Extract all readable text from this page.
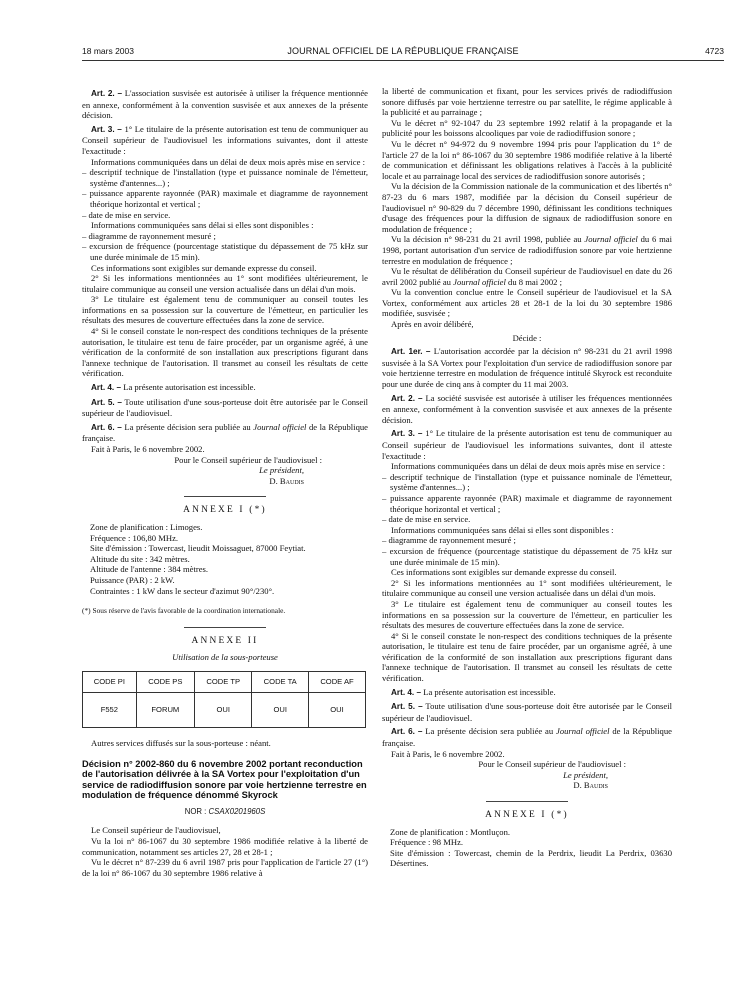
18 mars 2003	JOURNAL OFFICIEL DE LA RÉPUBLIQUE FRANÇAISE	4723

Art. 2. – L'association susvisée est autorisée à utiliser la fréquence mentionnée en annexe, conformément à la convention susvisée et aux annexes de la présente décision.

Art. 3. – 1° Le titulaire de la présente autorisation est tenu de communiquer au Conseil supérieur de l'audiovisuel les informations suivantes, dont il atteste l'exactitude :

Informations communiquées dans un délai de deux mois après mise en service :

– descriptif technique de l'installation (type et puissance nominale de l'émetteur, système d'antennes...) ;

– puissance apparente rayonnée (PAR) maximale et diagramme de rayonnement théorique horizontal et vertical ;

– date de mise en service.

Informations communiquées sans délai si elles sont disponibles :

– diagramme de rayonnement mesuré ;

– excursion de fréquence (pourcentage statistique du dépassement de 75 kHz sur une durée minimale de 15 min).

Ces informations sont exigibles sur demande expresse du conseil.

2° Si les informations mentionnées au 1° sont modifiées ultérieurement, le titulaire communique au conseil une version actualisée dans un délai d'un mois.

3° Le titulaire est également tenu de communiquer au conseil toutes les informations en sa possession sur la couverture de l'émetteur, en particulier les résultats des mesures de couverture effectuées dans la zone de service.

4° Si le conseil constate le non-respect des conditions techniques de la présente autorisation, le titulaire est tenu de faire procéder, par un organisme agréé, à une vérification de la conformité de son installation aux prescriptions figurant dans l'annexe technique de l'autorisation. Il transmet au conseil les résultats de cette vérification.

Art. 4. – La présente autorisation est incessible.

Art. 5. – Toute utilisation d'une sous-porteuse doit être autorisée par le Conseil supérieur de l'audiovisuel.

Art. 6. – La présente décision sera publiée au Journal officiel de la République française.

Fait à Paris, le 6 novembre 2002.

Pour le Conseil supérieur de l'audiovisuel :

Le président,

D. Baudis

ANNEXE I (*)

Zone de planification : Limoges.

Fréquence : 106,80 MHz.

Site d'émission : Towercast, lieudit Moissaguet, 87000 Feytiat.

Altitude du site : 342 mètres.

Altitude de l'antenne : 384 mètres.

Puissance (PAR) : 2 kW.

Contraintes : 1 kW dans le secteur d'azimut 90°/230°.

(*) Sous réserve de l'avis favorable de la coordination internationale.

ANNEXE II

Utilisation de la sous-porteuse

CODE PI	CODE PS	CODE TP	CODE TA	CODE AF
F552	FORUM	OUI	OUI	OUI

Autres services diffusés sur la sous-porteuse : néant.

Décision n° 2002-860 du 6 novembre 2002 portant reconduction de l'autorisation délivrée à la SA Vortex pour l'exploitation d'un service de radiodiffusion sonore par voie hertzienne terrestre en modulation de fréquence dénommé Skyrock

NOR : CSAX0201960S

Le Conseil supérieur de l'audiovisuel,

Vu la loi n° 86-1067 du 30 septembre 1986 modifiée relative à la liberté de communication, notamment ses articles 27, 28 et 28-1 ;

Vu le décret n° 87-239 du 6 avril 1987 pris pour l'application de l'article 27 (1°) de la loi n° 86-1067 du 30 septembre 1986 relative à

la liberté de communication et fixant, pour les services privés de radiodiffusion sonore diffusés par voie hertzienne terrestre ou par satellite, le régime applicable à la publicité et au parrainage ;

Vu le décret n° 92-1047 du 23 septembre 1992 relatif à la propagande et la publicité pour les boissons alcooliques par voie de radiodiffusion sonore ;

Vu le décret n° 94-972 du 9 novembre 1994 pris pour l'application du 1° de l'article 27 de la loi n° 86-1067 du 30 septembre 1986 modifiée relative à la liberté de communication et définissant les obligations relatives à l'accès à la publicité locale et au parrainage local des services de radiodiffusion sonore autorisés ;

Vu la décision de la Commission nationale de la communication et des libertés n° 87-23 du 6 mars 1987, modifiée par la décision du Conseil supérieur de l'audiovisuel n° 90-829 du 7 décembre 1990, définissant les conditions techniques d'usage des fréquences pour la diffusion de signaux de radiodiffusion sonore en modulation de fréquence ;

Vu la décision n° 98-231 du 21 avril 1998, publiée au Journal officiel du 6 mai 1998, portant autorisation d'un service de radiodiffusion sonore par voie hertzienne terrestre en modulation de fréquence ;

Vu le résultat de délibération du Conseil supérieur de l'audiovisuel en date du 26 avril 2002 publié au Journal officiel du 8 mai 2002 ;

Vu la convention conclue entre le Conseil supérieur de l'audiovisuel et la SA Vortex, conformément aux articles 28 et 28-1 de la loi du 30 septembre 1986 modifiée, susvisée ;

Après en avoir délibéré,

Décide :

Art. 1er. – L'autorisation accordée par la décision n° 98-231 du 21 avril 1998 susvisée à la SA Vortex pour l'exploitation d'un service de radiodiffusion sonore par voie hertzienne terrestre en modulation de fréquence intitulé Skyrock est reconduite pour une durée de cinq ans à compter du 11 mai 2003.

Art. 2. – La société susvisée est autorisée à utiliser les fréquences mentionnées en annexe, conformément à la convention susvisée et aux annexes de la présente décision.

Art. 3. – 1° Le titulaire de la présente autorisation est tenu de communiquer au Conseil supérieur de l'audiovisuel les informations suivantes, dont il atteste l'exactitude :

Informations communiquées dans un délai de deux mois après mise en service :

– descriptif technique de l'installation (type et puissance nominale de l'émetteur, système d'antennes...) ;

– puissance apparente rayonnée (PAR) maximale et diagramme de rayonnement théorique horizontal et vertical ;

– date de mise en service.

Informations communiquées sans délai si elles sont disponibles :

– diagramme de rayonnement mesuré ;

– excursion de fréquence (pourcentage statistique du dépassement de 75 kHz sur une durée minimale de 15 min).

Ces informations sont exigibles sur demande expresse du conseil.

2° Si les informations mentionnées au 1° sont modifiées ultérieurement, le titulaire communique au conseil une version actualisée dans un délai d'un mois.

3° Le titulaire est également tenu de communiquer au conseil toutes les informations en sa possession sur la couverture de l'émetteur, en particulier les résultats des mesures de couverture effectuées dans la zone de service.

4° Si le conseil constate le non-respect des conditions techniques de la présente autorisation, le titulaire est tenu de faire procéder, par un organisme agréé, à une vérification de la conformité de son installation aux prescriptions figurant dans l'annexe technique de l'autorisation. Il transmet au conseil les résultats de cette vérification.

Art. 4. – La présente autorisation est incessible.

Art. 5. – Toute utilisation d'une sous-porteuse doit être autorisée par le Conseil supérieur de l'audiovisuel.

Art. 6. – La présente décision sera publiée au Journal officiel de la République française.

Fait à Paris, le 6 novembre 2002.

Pour le Conseil supérieur de l'audiovisuel :

Le président,

D. Baudis

ANNEXE I (*)

Zone de planification : Montluçon.

Fréquence : 98 MHz.

Site d'émission : Towercast, chemin de la Perdrix, lieudit La Perdrix, 03630 Désertines.
